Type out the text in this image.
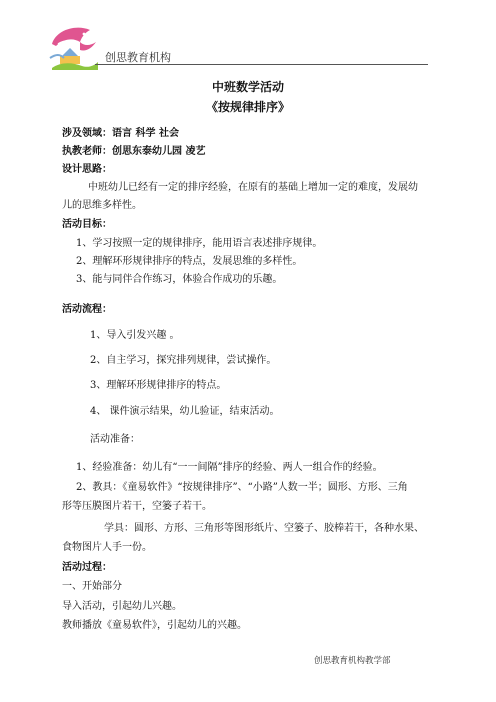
创思教育机构
中班数学活动
《按规律排序》
涉及领域：语言 科学 社会
执教老师：创思东泰幼儿园 凌艺
设计思路：
中班幼儿已经有一定的排序经验，在原有的基础上增加一定的难度，发展幼
儿的思维多样性。
活动目标：
1、学习按照一定的规律排序，能用语言表述排序规律。
2、理解环形规律排序的特点，发展思维的多样性。
3、能与同伴合作练习，体验合作成功的乐趣。
活动流程：
1、导入引发兴趣 。
2、自主学习，探究排列规律，尝试操作。
3、理解环形规律排序的特点。
4、 课件演示结果，幼儿验证，结束活动。
活动准备：
1、经验准备：幼儿有“一一间隔”排序的经验、两人一组合作的经验。
2、教具：《童易软件》“按规律排序”、“小路”人数一半；圆形、方形、三角
形等压膜图片若干，空篓子若干。
学具：圆形、方形、三角形等图形纸片、空篓子、胶棒若干，各种水果、
食物图片人手一份。
活动过程：
一、开始部分
导入活动，引起幼儿兴趣。
教师播放《童易软件》，引起幼儿的兴趣。
创思教育机构教学部
